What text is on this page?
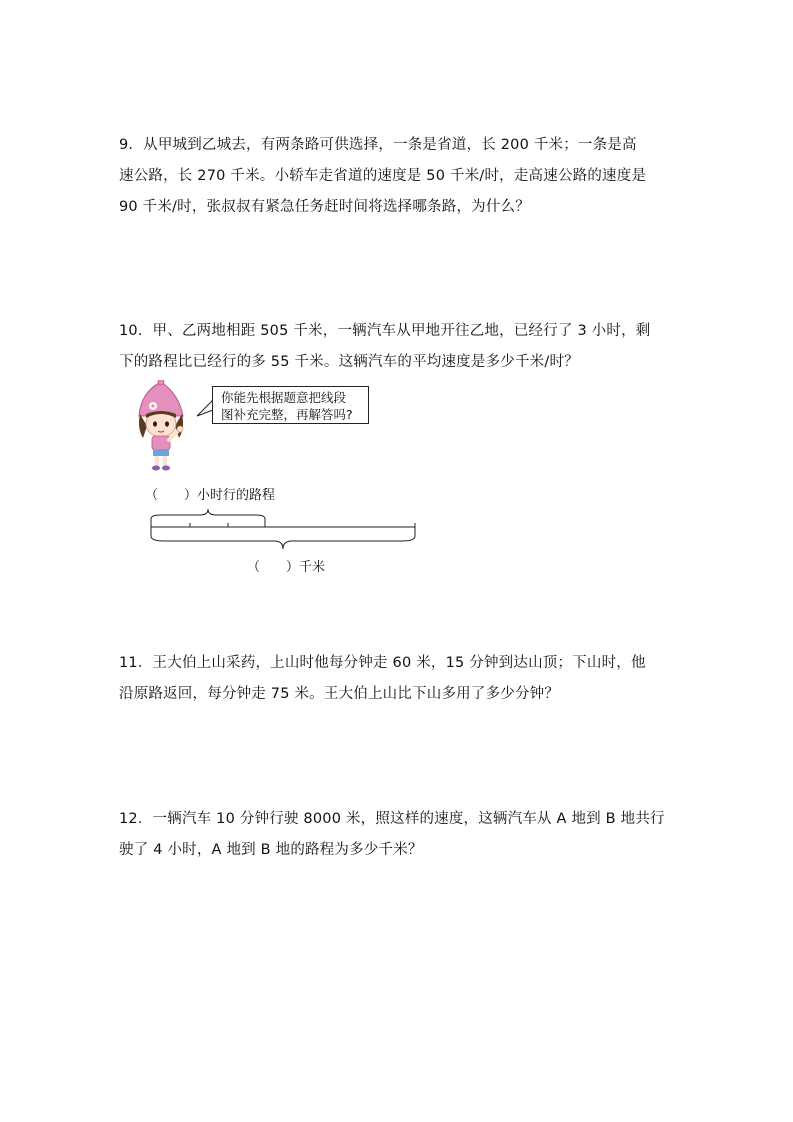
9．从甲城到乙城去，有两条路可供选择，一条是省道，长 200 千米；一条是高
速公路，长 270 千米。小轿车走省道的速度是 50 千米/时，走高速公路的速度是
90 千米/时，张叔叔有紧急任务赶时间将选择哪条路，为什么？

10．甲、乙两地相距 505 千米，一辆汽车从甲地开往乙地，已经行了 3 小时，剩
下的路程比已经行的多 55 千米。这辆汽车的平均速度是多少千米/时？

你能先根据题意把线段
图补充完整，再解答吗?
（　　）小时行的路程
（　　）千米

11．王大伯上山采药，上山时他每分钟走 60 米，15 分钟到达山顶；下山时，他
沿原路返回，每分钟走 75 米。王大伯上山比下山多用了多少分钟？

12．一辆汽车 10 分钟行驶 8000 米，照这样的速度，这辆汽车从 A 地到 B 地共行
驶了 4 小时，A 地到 B 地的路程为多少千米？
